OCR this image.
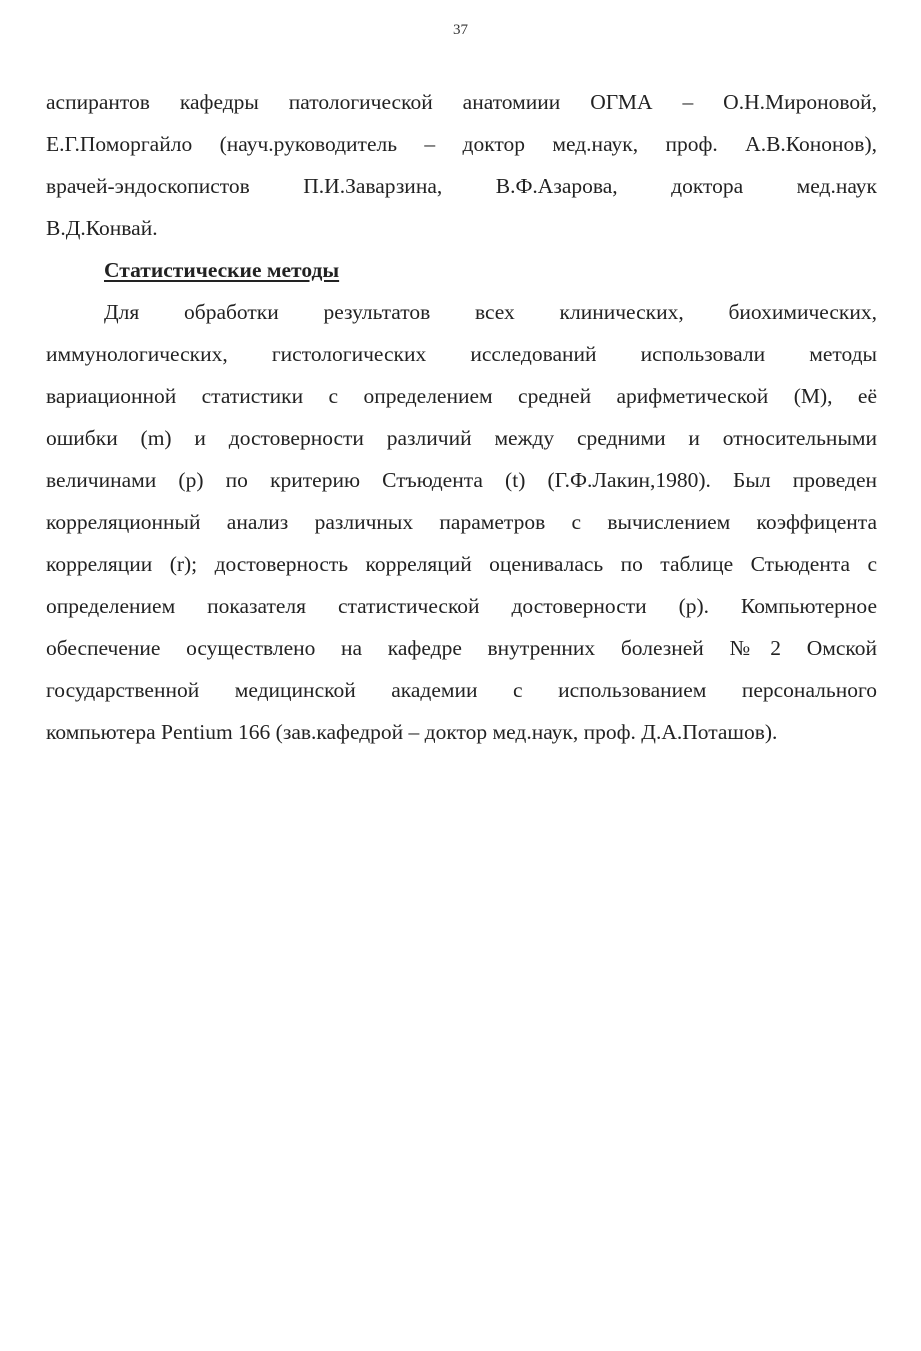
37
аспирантов кафедры патологической анатомиии ОГМА – О.Н.Мироновой,
Е.Г.Поморгайло (науч.руководитель – доктор мед.наук, проф. А.В.Кононов),
врачей-эндоскопистов П.И.Заварзина, В.Ф.Азарова, доктора мед.наук
В.Д.Конвай.
Статистические методы
Для обработки результатов всех клинических, биохимических,
иммунологических, гистологических исследований использовали методы
вариационной статистики с определением средней арифметической (М), её
ошибки (m) и достоверности различий между средними и относительными
величинами (p) по критерию Стъюдента (t) (Г.Ф.Лакин,1980). Был проведен
корреляционный анализ различных параметров с вычислением коэффицента
корреляции (r); достоверность корреляций оценивалась по таблице Стьюдента с
определением показателя статистической достоверности (p). Компьютерное
обеспечение осуществлено на кафедре внутренних болезней №2 Омской
государственной медицинской академии с использованием персонального
компьютера Pentium 166 (зав.кафедрой – доктор мед.наук, проф. Д.А.Поташов).
